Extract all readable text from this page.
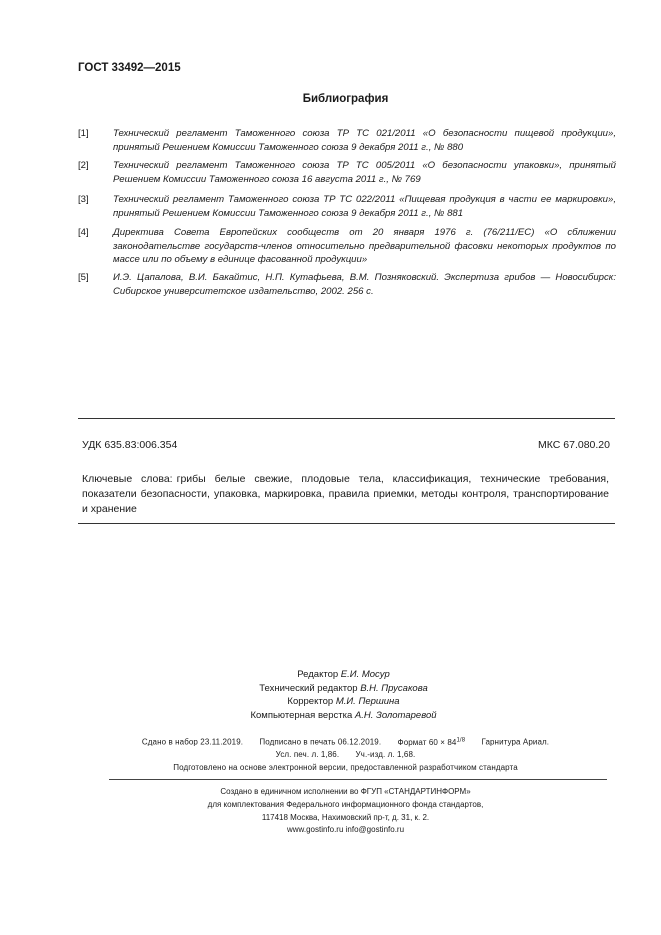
ГОСТ 33492—2015
Библиография
[1]	Технический регламент Таможенного союза ТР ТС 021/2011 «О безопасности пищевой продукции», принятый Решением Комиссии Таможенного союза 9 декабря 2011 г., № 880
[2]	Технический регламент Таможенного союза ТР ТС 005/2011 «О безопасности упаковки», принятый Решением Комиссии Таможенного союза 16 августа 2011 г., № 769
[3]	Технический регламент Таможенного союза ТР ТС 022/2011 «Пищевая продукция в части ее маркировки», принятый Решением Комиссии Таможенного союза 9 декабря 2011 г., № 881
[4]	Директива Совета Европейских сообществ от 20 января 1976 г. (76/211/ЕС) «О сближении законодательстве государств-членов относительно предварительной фасовки некоторых продуктов по массе или по объему в единице фасованной продукции»
[5]	И.Э. Цапалова, В.И. Бакайтис, Н.П. Кутафьева, В.М. Позняковский. Экспертиза грибов — Новосибирск: Сибирское университетское издательство, 2002. 256 с.
УДК 635.83:006.354	МКС 67.080.20
Ключевые слова: грибы белые свежие, плодовые тела, классификация, технические требования, показатели безопасности, упаковка, маркировка, правила приемки, методы контроля, транспортирование и хранение
Редактор Е.И. Мосур
Технический редактор В.Н. Прусакова
Корректор М.И. Першина
Компьютерная верстка А.Н. Золотаревой
Сдано в набор 23.11.2019. Подписано в печать 06.12.2019. Формат $60 \times 84^{1/8}$ Гарнитура Ариал.
Усл. печ. л. 1,86. Уч.-изд. л. 1,68.
Подготовлено на основе электронной версии, предоставленной разработчиком стандарта
Создано в единичном исполнении во ФГУП «СТАНДАРТИНФОРМ»
для комплектования Федерального информационного фонда стандартов,
117418 Москва, Нахимовский пр-т, д. 31, к. 2.
www.gostinfo.ru info@gostinfo.ru
